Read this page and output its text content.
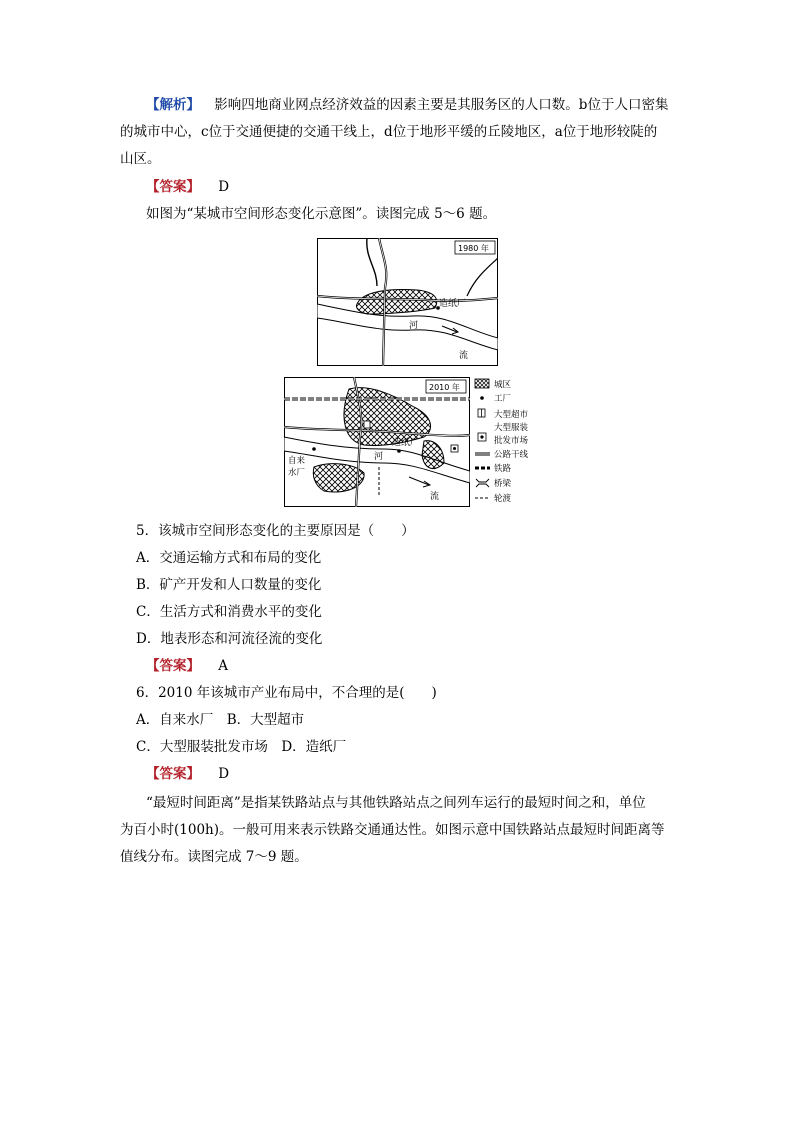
【解析】 影响四地商业网点经济效益的因素主要是其服务区的人口数。b位于人口密集
的城市中心，c位于交通便捷的交通干线上，d位于地形平缓的丘陵地区，a位于地形较陡的
山区。
【答案】 D
如图为“某城市空间形态变化示意图”。读图完成 5～6 题。
1980 年
造纸厂
河
流
2010 年
造纸厂
自来
水厂
河
流
城区
工厂
大型超市
大型服装
批发市场
公路干线
铁路
桥梁
轮渡
5．该城市空间形态变化的主要原因是（　　）
A．交通运输方式和布局的变化
B．矿产开发和人口数量的变化
C．生活方式和消费水平的变化
D．地表形态和河流径流的变化
【答案】 A
6．2010 年该城市产业布局中，不合理的是(　　)
A．自来水厂　B．大型超市
C．大型服装批发市场　D．造纸厂
【答案】 D
“最短时间距离”是指某铁路站点与其他铁路站点之间列车运行的最短时间之和，单位
为百小时(100h)。一般可用来表示铁路交通通达性。如图示意中国铁路站点最短时间距离等
值线分布。读图完成 7～9 题。
